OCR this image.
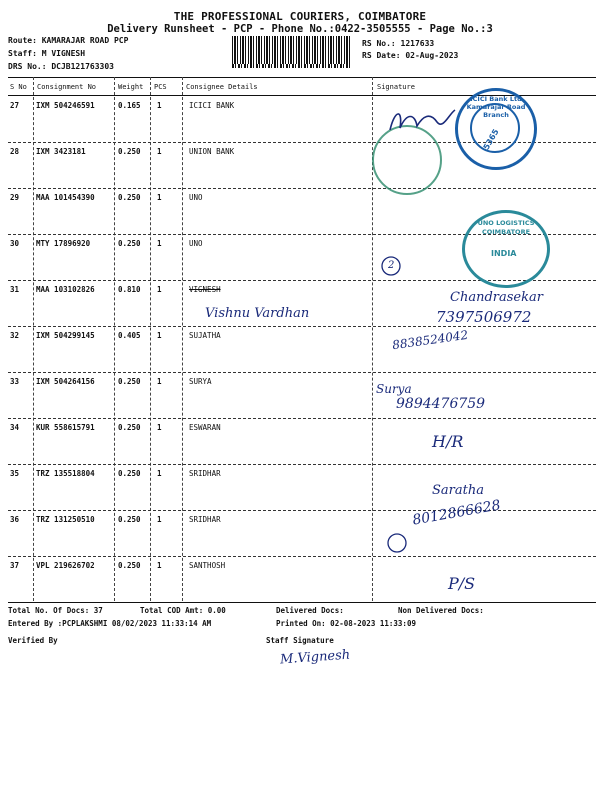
THE PROFESSIONAL COURIERS, COIMBATORE
Delivery Runsheet - PCP - Phone No.:0422-3505555 - Page No.:3
Route: KAMARAJAR ROAD PCP
Staff: M VIGNESH
DRS No.: DCJB121763303
RS No.: 1217633
RS Date: 02-Aug-2023
S No Consignment No	Weight PCS	Consignee Details	Signature
27 IXM 504246591	0.165 1	ICICI BANK
28 IXM 3423181	0.250 1	UNION BANK
29 MAA 101454390	0.250 1	UNO
30 MTY 17896920	0.250 1	UNO
31 MAA 103102826	0.810 1	VIGNESH
32 IXM 504299145	0.405 1	SUJATHA
33 IXM 504264156	0.250 1	SURYA
34 KUR 558615791	0.250 1	ESWARAN
35 TRZ 135518804	0.250 1	SRIDHAR
36 TRZ 131250510	0.250 1	SRIDHAR
37 VPL 219626702	0.250 1	SANTHOSH
ICICI Bank Ltd Kamarajar Road Branch
5365
UNO LOGISTICS COIMBATORE
INDIA
2
Vishnu Vardhan
Chandrasekar
7397506972
8838524042
Surya
9894476759
H/R
Saratha
8012866628
P/S
Total No. Of Docs: 37	Total COD Amt: 0.00	Delivered Docs:	Non Delivered Docs:
Entered By :PCPLAKSHMI 08/02/2023 11:33:14 AM	Printed On: 02-08-2023 11:33:09
Verified By	Staff Signature
M.Vignesh
